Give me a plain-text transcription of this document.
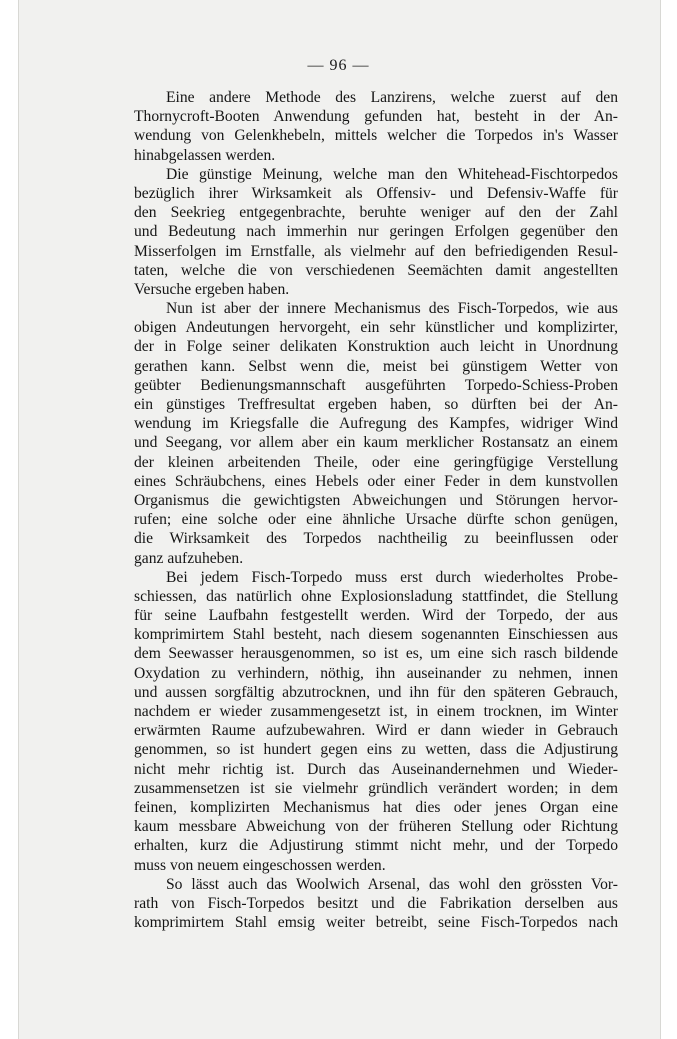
— 96 —
Eine andere Methode des Lanzirens, welche zuerst auf den
Thornycroft-Booten Anwendung gefunden hat, besteht in der An-
wendung von Gelenkhebeln, mittels welcher die Torpedos in's Wasser
hinabgelassen werden.
Die günstige Meinung, welche man den Whitehead-Fischtorpedos
bezüglich ihrer Wirksamkeit als Offensiv- und Defensiv-Waffe für
den Seekrieg entgegenbrachte, beruhte weniger auf den der Zahl
und Bedeutung nach immerhin nur geringen Erfolgen gegenüber den
Misserfolgen im Ernstfalle, als vielmehr auf den befriedigenden Resul-
taten, welche die von verschiedenen Seemächten damit angestellten
Versuche ergeben haben.
Nun ist aber der innere Mechanismus des Fisch-Torpedos, wie aus
obigen Andeutungen hervorgeht, ein sehr künstlicher und komplizirter,
der in Folge seiner delikaten Konstruktion auch leicht in Unordnung
gerathen kann. Selbst wenn die, meist bei günstigem Wetter von
geübter Bedienungsmannschaft ausgeführten Torpedo-Schiess-Proben
ein günstiges Treffresultat ergeben haben, so dürften bei der An-
wendung im Kriegsfalle die Aufregung des Kampfes, widriger Wind
und Seegang, vor allem aber ein kaum merklicher Rostansatz an einem
der kleinen arbeitenden Theile, oder eine geringfügige Verstellung
eines Schräubchens, eines Hebels oder einer Feder in dem kunstvollen
Organismus die gewichtigsten Abweichungen und Störungen hervor-
rufen; eine solche oder eine ähnliche Ursache dürfte schon genügen,
die Wirksamkeit des Torpedos nachtheilig zu beeinflussen oder
ganz aufzuheben.
Bei jedem Fisch-Torpedo muss erst durch wiederholtes Probe-
schiessen, das natürlich ohne Explosionsladung stattfindet, die Stellung
für seine Laufbahn festgestellt werden. Wird der Torpedo, der aus
komprimirtem Stahl besteht, nach diesem sogenannten Einschiessen aus
dem Seewasser herausgenommen, so ist es, um eine sich rasch bildende
Oxydation zu verhindern, nöthig, ihn auseinander zu nehmen, innen
und aussen sorgfältig abzutrocknen, und ihn für den späteren Gebrauch,
nachdem er wieder zusammengesetzt ist, in einem trocknen, im Winter
erwärmten Raume aufzubewahren. Wird er dann wieder in Gebrauch
genommen, so ist hundert gegen eins zu wetten, dass die Adjustirung
nicht mehr richtig ist. Durch das Auseinandernehmen und Wieder-
zusammensetzen ist sie vielmehr gründlich verändert worden; in dem
feinen, komplizirten Mechanismus hat dies oder jenes Organ eine
kaum messbare Abweichung von der früheren Stellung oder Richtung
erhalten, kurz die Adjustirung stimmt nicht mehr, und der Torpedo
muss von neuem eingeschossen werden.
So lässt auch das Woolwich Arsenal, das wohl den grössten Vor-
rath von Fisch-Torpedos besitzt und die Fabrikation derselben aus
komprimirtem Stahl emsig weiter betreibt, seine Fisch-Torpedos nach
